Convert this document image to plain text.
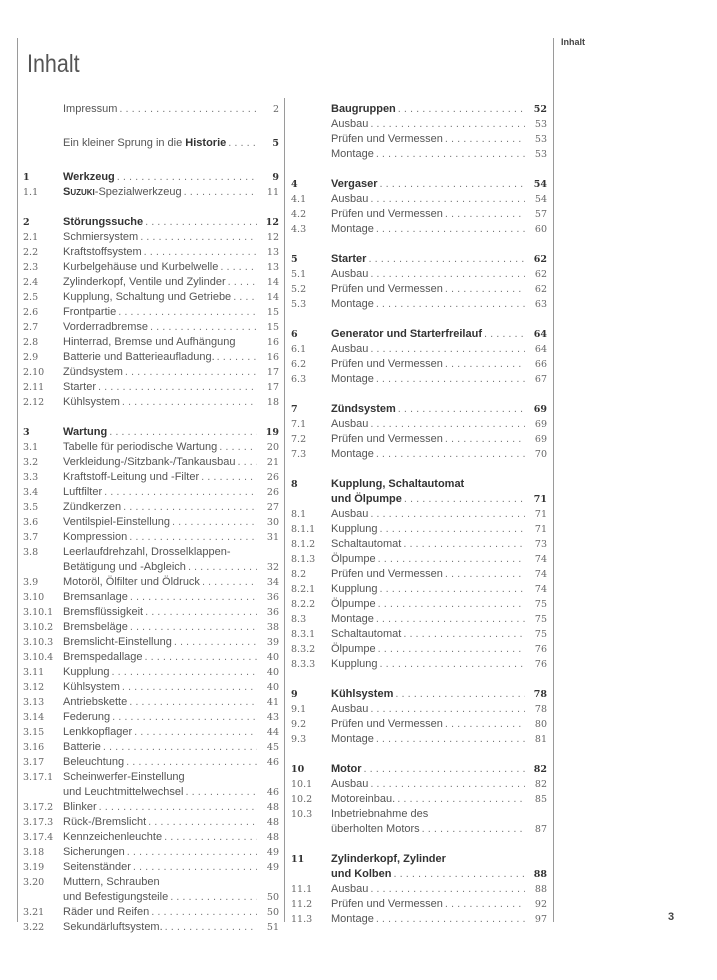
Inhalt
Inhalt
3
Impressum . . .	2
Ein kleiner Sprung in die Historie . . .	5
1	Werkzeug . . .	9
1.1	Suzuki-Spezialwerkzeug . . .	11
2	Störungssuche . . .	12
2.1	Schmiersystem . . .	12
2.2	Kraftstoffsystem . . .	13
2.3	Kurbelgehäuse und Kurbelwelle . . .	13
2.4	Zylinderkopf, Ventile und Zylinder . . .	14
2.5	Kupplung, Schaltung und Getriebe . . .	14
2.6	Frontpartie . . .	15
2.7	Vorderradbremse . . .	15
2.8	Hinterrad, Bremse und Aufhängung	16
2.9	Batterie und Batterieaufladung. . . .	16
2.10	Zündsystem . . .	17
2.11	Starter . . .	17
2.12	Kühlsystem . . .	18
3	Wartung . . .	19
3.1	Tabelle für periodische Wartung . . .	20
3.2	Verkleidung-/Sitzbank-/Tankausbau . . .	21
3.3	Kraftstoff-Leitung und -Filter . . .	26
3.4	Luftfilter . . .	26
3.5	Zündkerzen . . .	27
3.6	Ventilspiel-Einstellung . . .	30
3.7	Kompression . . .	31
3.8	Leerlaufdrehzahl, Drosselklappen-
Betätigung und -Abgleich . . .	32
3.9	Motoröl, Ölfilter und Öldruck . . .	34
3.10	Bremsanlage . . .	36
3.10.1 Bremsflüssigkeit . . .	36
3.10.2 Bremsbeläge . . .	38
3.10.3 Bremslicht-Einstellung . . .	39
3.10.4 Bremspedallage . . .	40
3.11	Kupplung . . .	40
3.12	Kühlsystem . . .	40
3.13	Antriebskette . . .	41
3.14	Federung . . .	43
3.15	Lenkkopflager . . .	44
3.16	Batterie . . .	45
3.17	Beleuchtung . . .	46
3.17.1 Scheinwerfer-Einstellung
und Leuchtmittelwechsel . . .	46
3.17.2 Blinker . . .	48
3.17.3 Rück-/Bremslicht . . .	48
3.17.4 Kennzeichenleuchte . . .	48
3.18	Sicherungen . . .	49
3.19	Seitenständer . . .	49
3.20	Muttern, Schrauben
und Befestigungsteile . . .	50
3.21	Räder und Reifen . . .	50
3.22	Sekundärluftsystem. . . .	51
Baugruppen . . .	52
Ausbau . . .	53
Prüfen und Vermessen . . .	53
Montage . . .	53
4	Vergaser . . .	54
4.1	Ausbau . . .	54
4.2	Prüfen und Vermessen . . .	57
4.3	Montage . . .	60
5	Starter . . .	62
5.1	Ausbau . . .	62
5.2	Prüfen und Vermessen . . .	62
5.3	Montage . . .	63
6	Generator und Starterfreilauf . . .	64
6.1	Ausbau . . .	64
6.2	Prüfen und Vermessen . . .	66
6.3	Montage . . .	67
7	Zündsystem . . .	69
7.1	Ausbau . . .	69
7.2	Prüfen und Vermessen . . .	69
7.3	Montage . . .	70
8	Kupplung, Schaltautomat
und Ölpumpe . . .	71
8.1	Ausbau . . .	71
8.1.1	Kupplung . . .	71
8.1.2	Schaltautomat . . .	73
8.1.3	Ölpumpe . . .	74
8.2	Prüfen und Vermessen . . .	74
8.2.1	Kupplung . . .	74
8.2.2	Ölpumpe . . .	75
8.3	Montage . . .	75
8.3.1	Schaltautomat . . .	75
8.3.2	Ölpumpe . . .	76
8.3.3	Kupplung . . .	76
9	Kühlsystem . . .	78
9.1	Ausbau . . .	78
9.2	Prüfen und Vermessen . . .	80
9.3	Montage . . .	81
10	Motor . . .	82
10.1	Ausbau . . .	82
10.2	Motoreinbau. . . .	85
10.3	Inbetriebnahme des
überholten Motors . . .	87
11	Zylinderkopf, Zylinder
und Kolben . . .	88
11.1	Ausbau . . .	88
11.2	Prüfen und Vermessen . . .	92
11.3	Montage . . .	97
